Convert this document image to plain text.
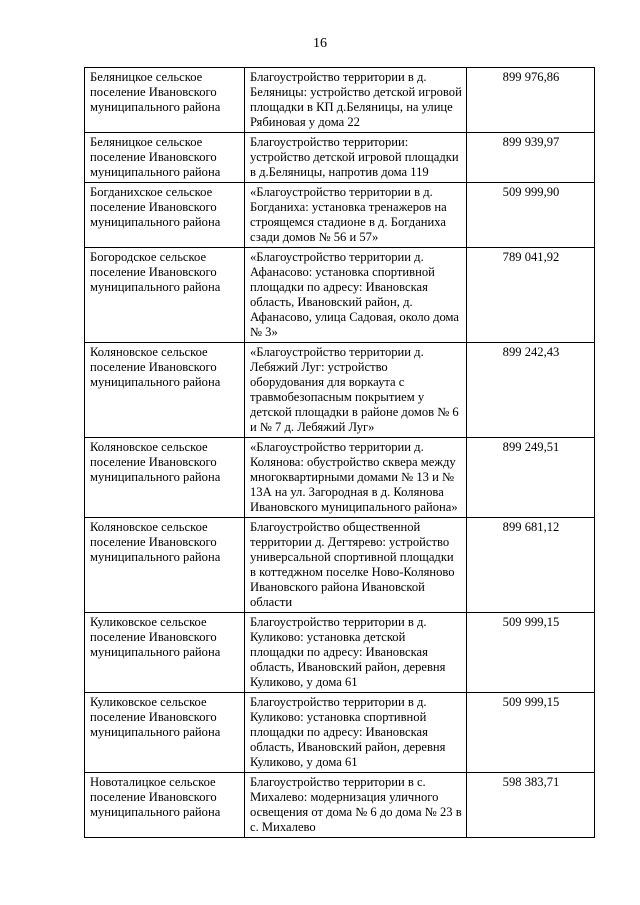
16
Беляницкое сельское поселение Ивановского муниципального района	Благоустройство территории в д. Беляницы: устройство детской игровой площадки в КП д.Беляницы, на улице Рябиновая у дома 22	899 976,86
Беляницкое сельское поселение Ивановского муниципального района	Благоустройство территории: устройство детской игровой площадки в д.Беляницы, напротив дома 119	899 939,97
Богданихское сельское поселение Ивановского муниципального района	«Благоустройство территории в д. Богданиха: установка тренажеров на строящемся стадионе в д. Богданиха сзади домов № 56 и 57»	509 999,90
Богородское сельское поселение Ивановского муниципального района	«Благоустройство территории д. Афанасово: установка спортивной площадки по адресу: Ивановская область, Ивановский район, д. Афанасово, улица Садовая, около дома № 3»	789 041,92
Коляновское сельское поселение Ивановского муниципального района	«Благоустройство территории д. Лебяжий Луг: устройство оборудования для воркаута с травмобезопасным покрытием у детской площадки в районе домов № 6 и № 7 д. Лебяжий Луг»	899 242,43
Коляновское сельское поселение Ивановского муниципального района	«Благоустройство территории д. Колянова: обустройство сквера между многоквартирными домами № 13 и № 13А на ул. Загородная в д. Колянова Ивановского муниципального района»	899 249,51
Коляновское сельское поселение Ивановского муниципального района	Благоустройство общественной территории д. Дегтярево: устройство универсальной спортивной площадки в коттеджном поселке Ново-Коляново Ивановского района Ивановской области	899 681,12
Куликовское сельское поселение Ивановского муниципального района	Благоустройство территории в д. Куликово: установка детской площадки по адресу: Ивановская область, Ивановский район, деревня Куликово, у дома 61	509 999,15
Куликовское сельское поселение Ивановского муниципального района	Благоустройство территории в д. Куликово: установка спортивной площадки по адресу: Ивановская область, Ивановский район, деревня Куликово, у дома 61	509 999,15
Новоталицкое сельское поселение Ивановского муниципального района	Благоустройство территории в с. Михалево: модернизация уличного освещения от дома № 6 до дома № 23 в с. Михалево	598 383,71
